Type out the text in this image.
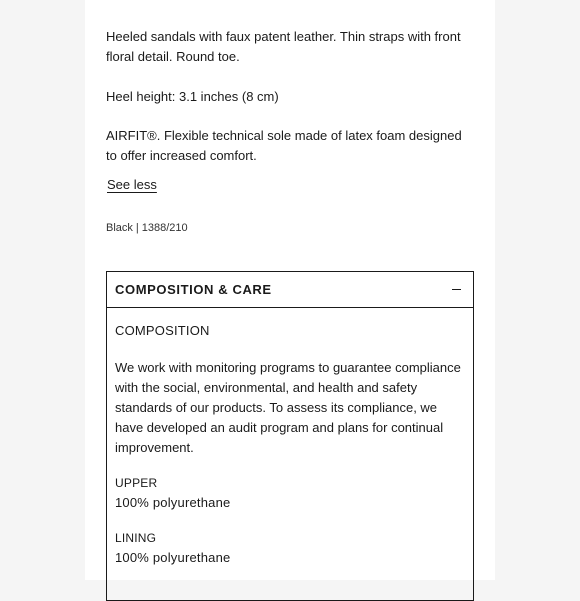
Heeled sandals with faux patent leather. Thin straps with front floral detail. Round toe.
Heel height: 3.1 inches (8 cm)
AIRFIT®. Flexible technical sole made of latex foam designed to offer increased comfort.
See less
Black | 1388/210
COMPOSITION & CARE
COMPOSITION
We work with monitoring programs to guarantee compliance with the social, environmental, and health and safety standards of our products. To assess its compliance, we have developed an audit program and plans for continual improvement.
UPPER
100% polyurethane
LINING
100% polyurethane
